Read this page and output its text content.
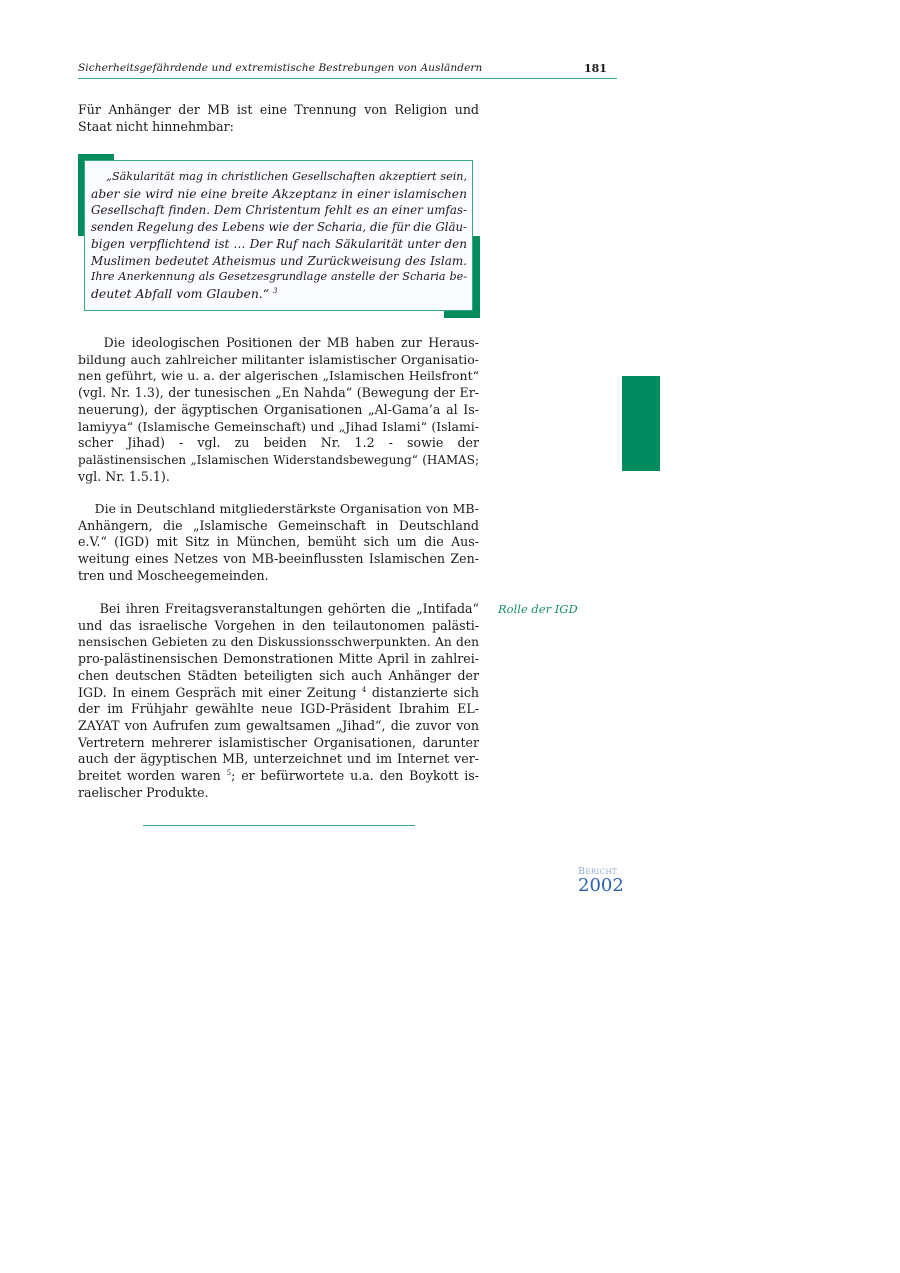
Sicherheitsgefährdende und extremistische Bestrebungen von Ausländern	181
Für Anhänger der MB ist eine Trennung von Religion und
Staat nicht hinnehmbar:
„Säkularität mag in christlichen Gesellschaften akzeptiert sein,
aber sie wird nie eine breite Akzeptanz in einer islamischen
Gesellschaft finden. Dem Christentum fehlt es an einer umfas-
senden Regelung des Lebens wie der Scharia, die für die Gläu-
bigen verpflichtend ist … Der Ruf nach Säkularität unter den
Muslimen bedeutet Atheismus und Zurückweisung des Islam.
Ihre Anerkennung als Gesetzesgrundlage anstelle der Scharia be-
deutet Abfall vom Glauben.“ $^3$
Die ideologischen Positionen der MB haben zur Heraus-
bildung auch zahlreicher militanter islamistischer Organisatio-
nen geführt, wie u. a. der algerischen „Islamischen Heilsfront“
(vgl. Nr. 1.3), der tunesischen „En Nahda“ (Bewegung der Er-
neuerung), der ägyptischen Organisationen „Al-Gama’a al Is-
lamiyya“ (Islamische Gemeinschaft) und „Jihad Islami“ (Islami-
scher Jihad) - vgl. zu beiden Nr. 1.2 - sowie der
palästinensischen „Islamischen Widerstandsbewegung“ (HAMAS;
vgl. Nr. 1.5.1).
Die in Deutschland mitgliederstärkste Organisation von MB-
Anhängern, die „Islamische Gemeinschaft in Deutschland
e.V.“ (IGD) mit Sitz in München, bemüht sich um die Aus-
weitung eines Netzes von MB-beeinflussten Islamischen Zen-
tren und Moscheegemeinden.
Rolle der IGD
Bei ihren Freitagsveranstaltungen gehörten die „Intifada“
und das israelische Vorgehen in den teilautonomen palästi-
nensischen Gebieten zu den Diskussionsschwerpunkten. An den
pro-palästinensischen Demonstrationen Mitte April in zahlrei-
chen deutschen Städten beteiligten sich auch Anhänger der
IGD. In einem Gespräch mit einer Zeitung $^4$ distanzierte sich
der im Frühjahr gewählte neue IGD-Präsident Ibrahim EL-
ZAYAT von Aufrufen zum gewaltsamen „Jihad“, die zuvor von
Vertretern mehrerer islamistischer Organisationen, darunter
auch der ägyptischen MB, unterzeichnet und im Internet ver-
breitet worden waren $^5$; er befürwortete u.a. den Boykott is-
raelischer Produkte.
Bericht
2002
